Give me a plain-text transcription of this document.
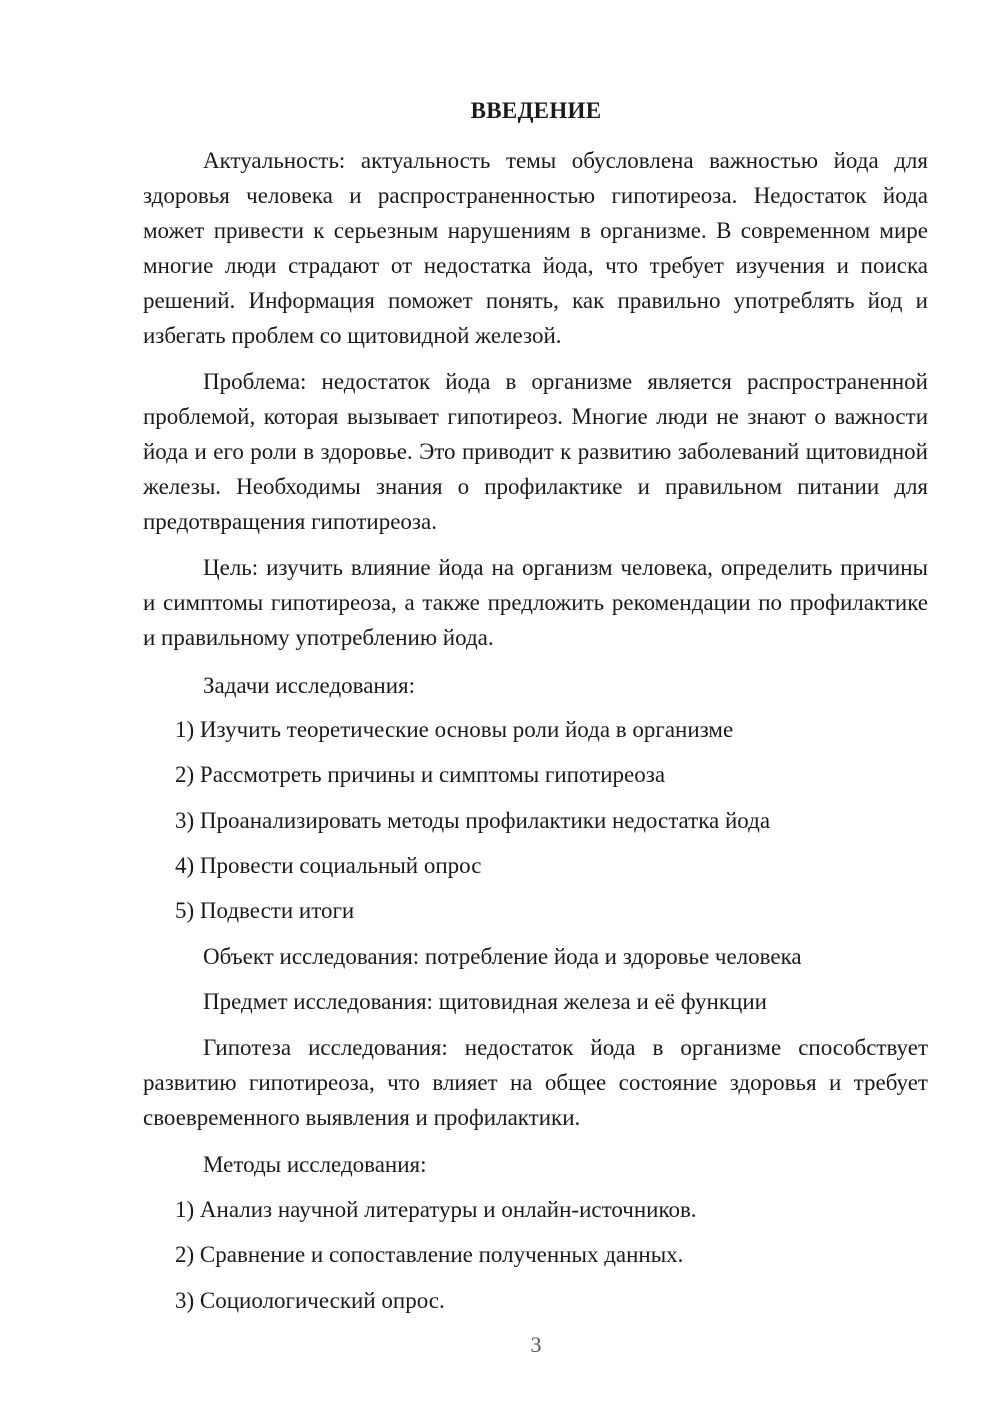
ВВЕДЕНИЕ
Актуальность: актуальность темы обусловлена важностью йода для здоровья человека и распространенностью гипотиреоза. Недостаток йода может привести к серьезным нарушениям в организме. В современном мире многие люди страдают от недостатка йода, что требует изучения и поиска решений. Информация поможет понять, как правильно употреблять йод и избегать проблем со щитовидной железой.
Проблема: недостаток йода в организме является распространенной проблемой, которая вызывает гипотиреоз. Многие люди не знают о важности йода и его роли в здоровье. Это приводит к развитию заболеваний щитовидной железы. Необходимы знания о профилактике и правильном питании для предотвращения гипотиреоза.
Цель: изучить влияние йода на организм человека, определить причины и симптомы гипотиреоза, а также предложить рекомендации по профилактике и правильному употреблению йода.
Задачи исследования:
1) Изучить теоретические основы роли йода в организме
2) Рассмотреть причины и симптомы гипотиреоза
3) Проанализировать методы профилактики недостатка йода
4) Провести социальный опрос
5) Подвести итоги
Объект исследования: потребление йода и здоровье человека
Предмет исследования: щитовидная железа и её функции
Гипотеза исследования: недостаток йода в организме способствует развитию гипотиреоза, что влияет на общее состояние здоровья и требует своевременного выявления и профилактики.
Методы исследования:
1) Анализ научной литературы и онлайн-источников.
2) Сравнение и сопоставление полученных данных.
3) Социологический опрос.
3
